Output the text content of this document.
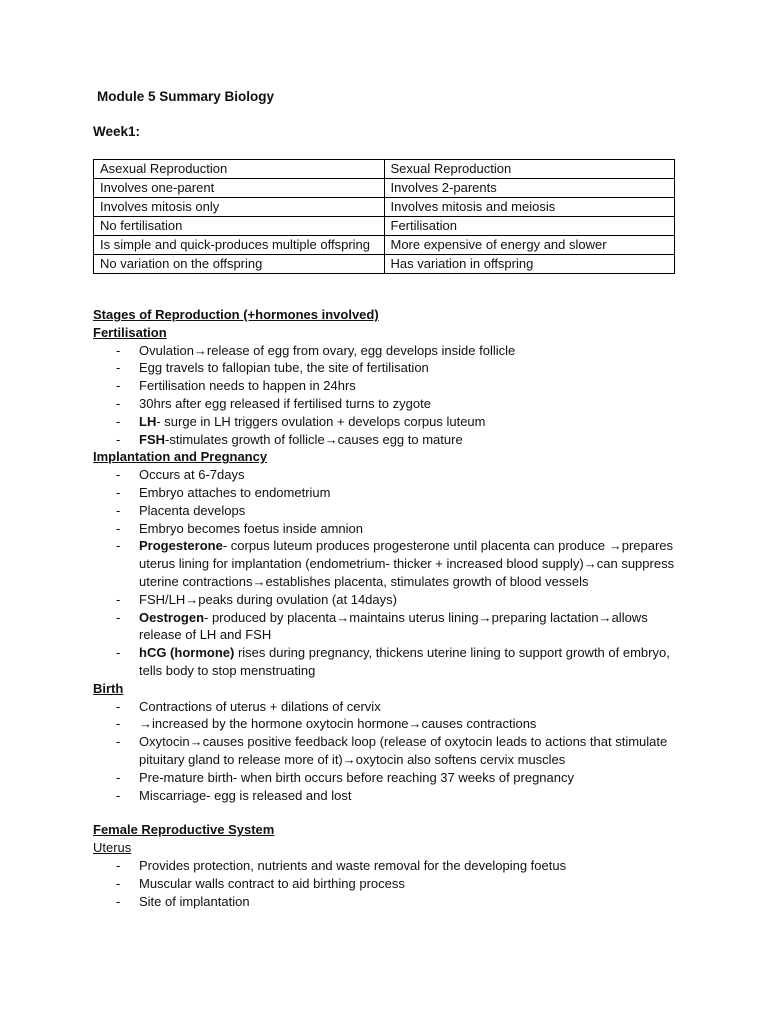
Module 5 Summary Biology
Week1:
Asexual Reproduction	Sexual Reproduction
Involves one-parent	Involves 2-parents
Involves mitosis only	Involves mitosis and meiosis
No fertilisation	Fertilisation
Is simple and quick-produces multiple offspring	More expensive of energy and slower
No variation on the offspring	Has variation in offspring
Stages of Reproduction (+hormones involved)
Fertilisation
- Ovulation→release of egg from ovary, egg develops inside follicle
- Egg travels to fallopian tube, the site of fertilisation
- Fertilisation needs to happen in 24hrs
- 30hrs after egg released if fertilised turns to zygote
- LH- surge in LH triggers ovulation + develops corpus luteum
- FSH-stimulates growth of follicle→causes egg to mature
Implantation and Pregnancy
- Occurs at 6-7days
- Embryo attaches to endometrium
- Placenta develops
- Embryo becomes foetus inside amnion
- Progesterone- corpus luteum produces progesterone until placenta can produce →prepares uterus lining for implantation (endometrium- thicker + increased blood supply)→can suppress uterine contractions→establishes placenta, stimulates growth of blood vessels
- FSH/LH→peaks during ovulation (at 14days)
- Oestrogen- produced by placenta→maintains uterus lining→preparing lactation→allows release of LH and FSH
- hCG (hormone) rises during pregnancy, thickens uterine lining to support growth of embryo, tells body to stop menstruating
Birth
- Contractions of uterus + dilations of cervix
- →increased by the hormone oxytocin hormone→causes contractions
- Oxytocin→causes positive feedback loop (release of oxytocin leads to actions that stimulate pituitary gland to release more of it)→oxytocin also softens cervix muscles
- Pre-mature birth- when birth occurs before reaching 37 weeks of pregnancy
- Miscarriage- egg is released and lost
Female Reproductive System
Uterus
- Provides protection, nutrients and waste removal for the developing foetus
- Muscular walls contract to aid birthing process
- Site of implantation
